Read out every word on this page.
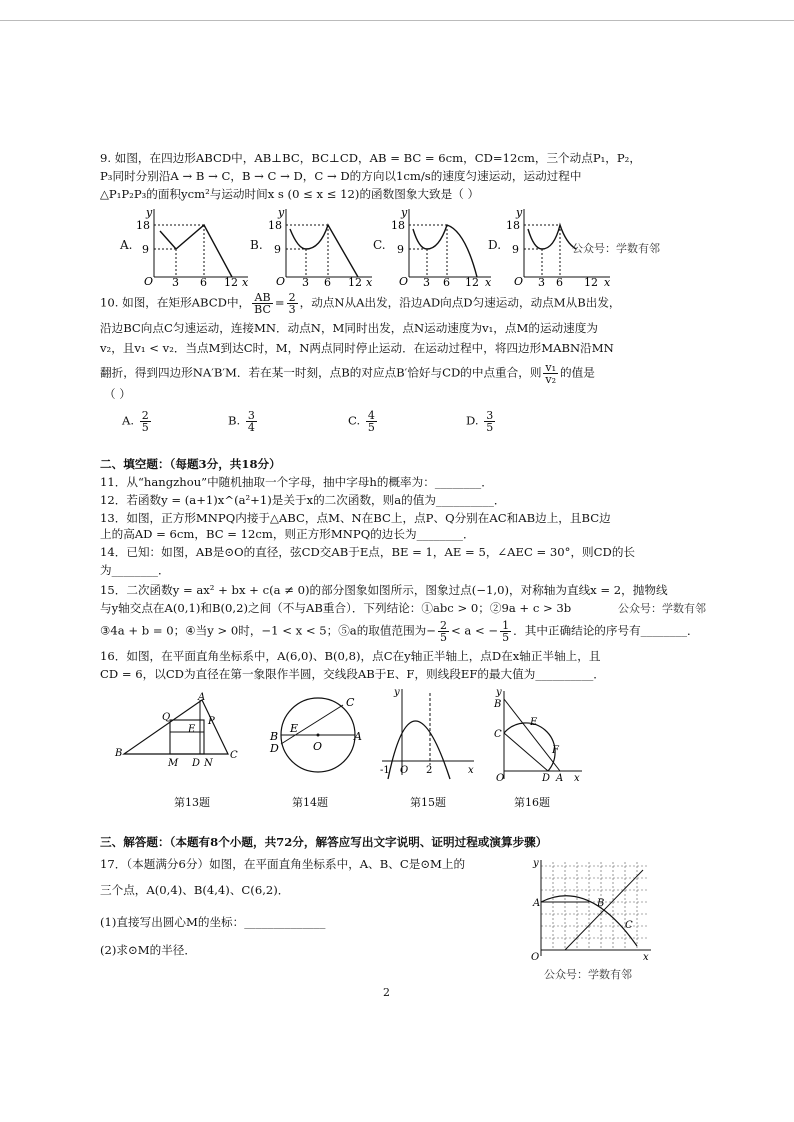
9. 如图，在四边形ABCD中，AB⊥BC，BC⊥CD，AB = BC = 6cm，CD=12cm，三个动点P₁，P₂，
P₃同时分别沿A → B → C，B → C → D，C → D的方向以1cm/s的速度匀速运动，运动过程中
△P₁P₂P₃的面积ycm²与运动时间x s (0 ≤ x ≤ 12)的函数图象大致是（ ）
A.	B.	C.	D.
y
x
18
9
O 3 6 12
y
x
18
9
O 3 6 12
y
x
18
9
O 3 6 12
y
x
18
9
O 3 6 12
公众号：学数有邻
10. 如图，在矩形ABCD中， $\frac{AB}{BC} = \frac{2}{3}$ ，动点N从A出发，沿边AD向点D匀速运动，动点M从B出发，
沿边BC向点C匀速运动，连接MN．动点N，M同时出发，点N运动速度为v₁，点M的运动速度为
v₂，且v₁ < v₂．当点M到达C时，M，N两点同时停止运动．在运动过程中，将四边形MABN沿MN
翻折，得到四边形NA′B′M．若在某一时刻，点B的对应点B′恰好与CD的中点重合，则 $\frac{\text{v₁}}{\text{v₂}}$ 的值是
（ ）
A. $\frac{2}{5}$	B. $\frac{3}{4}$	C. $\frac{4}{5}$	D. $\frac{3}{5}$
二、填空题：（每题3分，共18分）
11．从“hangzhou”中随机抽取一个字母，抽中字母h的概率为：________．
12．若函数y = (a+1)x^(a²+1)是关于x的二次函数，则a的值为__________．
13．如图，正方形MNPQ内接于△ABC，点M、N在BC上，点P、Q分别在AC和AB边上，且BC边
上的高AD = 6cm，BC = 12cm，则正方形MNPQ的边长为________．
14．已知：如图，AB是⊙O的直径，弦CD交AB于E点，BE = 1，AE = 5，∠AEC = 30°，则CD的长
为________．
15．二次函数y = ax² + bx + c(a ≠ 0)的部分图象如图所示，图象过点(−1,0)，对称轴为直线x = 2，抛物线
与y轴交点在A(0,1)和B(0,2)之间（不与AB重合）．下列结论：①abc > 0；②9a + c > 3b	公众号：学数有邻
③4a + b = 0；④当y > 0时，−1 < x < 5；⑤a的取值范围为− $\frac{2}{5} < a$ < − $\frac{1}{5}$ ．其中正确结论的序号有________．
16．如图，在平面直角坐标系中，A(6,0)、B(0,8)，点C在y轴正半轴上，点D在x轴正半轴上，且
CD = 6，以CD为直径在第一象限作半圆，交线段AB于E、F，则线段EF的最大值为__________．
A
B	C
Q	P
E
M D N
C
A
B
D
E
O
y
x
-1 O 2
y
x
B
E
C
F
O	D A
第13题	第14题	第15题	第16题
三、解答题：（本题有8个小题，共72分，解答应写出文字说明、证明过程或演算步骤）
17．（本题满分6分）如图，在平面直角坐标系中，A、B、C是⊙M上的
三个点，A(0,4)、B(4,4)、C(6,2)．
(1)直接写出圆心M的坐标：______________
(2)求⊙M的半径．
y
x
A	B
C
O
公众号：学数有邻
2
